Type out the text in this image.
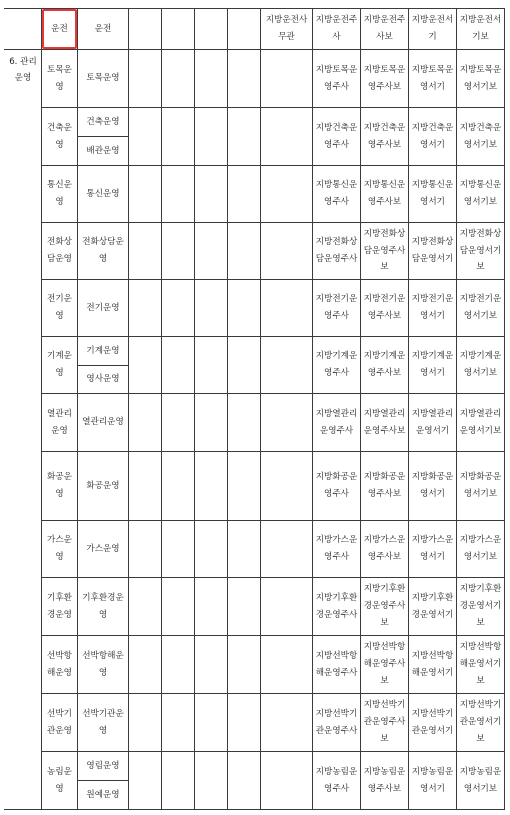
	운전	운전					지방운전사무관	지방운전주사	지방운전주사보	지방운전서기	지방운전서기보

6. 관리운영	토목운영	토목운영						지방토목운영주사	지방토목운영주사보	지방토목운영서기	지방토목운영서기보

	건축운영	건축운영						지방건축운영주사	지방건축운영주사보	지방건축운영서기	지방건축운영서기보

		배관운영									

	통신운영	통신운영						지방통신운영주사	지방통신운영주사보	지방통신운영서기	지방통신운영서기보

	전화상담운영	전화상담운영						지방전화상담운영주사	지방전화상담운영주사보	지방전화상담운영서기	지방전화상담운영서기보

	전기운영	전기운영						지방전기운영주사	지방전기운영주사보	지방전기운영서기	지방전기운영서기보

	기계운영	기계운영						지방기계운영주사	지방기계운영주사보	지방기계운영서기	지방기계운영서기보

		영사운영									

	열관리운영	열관리운영						지방열관리운영주사	지방열관리운영주사보	지방열관리운영서기	지방열관리운영서기보

	화공운영	화공운영						지방화공운영주사	지방화공운영주사보	지방화공운영서기	지방화공운영서기보

	가스운영	가스운영						지방가스운영주사	지방가스운영주사보	지방가스운영서기	지방가스운영서기보

	기후환경운영	기후환경운영						지방기후환경운영주사	지방기후환경운영주사보	지방기후환경운영서기	지방기후환경운영서기보

	선박항해운영	선박항해운영						지방선박항해운영주사	지방선박항해운영주사보	지방선박항해운영서기	지방선박항해운영서기보

	선박기관운영	선박기관운영						지방선박기관운영주사	지방선박기관운영주사보	지방선박기관운영서기	지방선박기관운영서기보

	농림운영	영림운영						지방농림운영주사	지방농림운영주사보	지방농림운영서기	지방농림운영서기보

		원예운영									
